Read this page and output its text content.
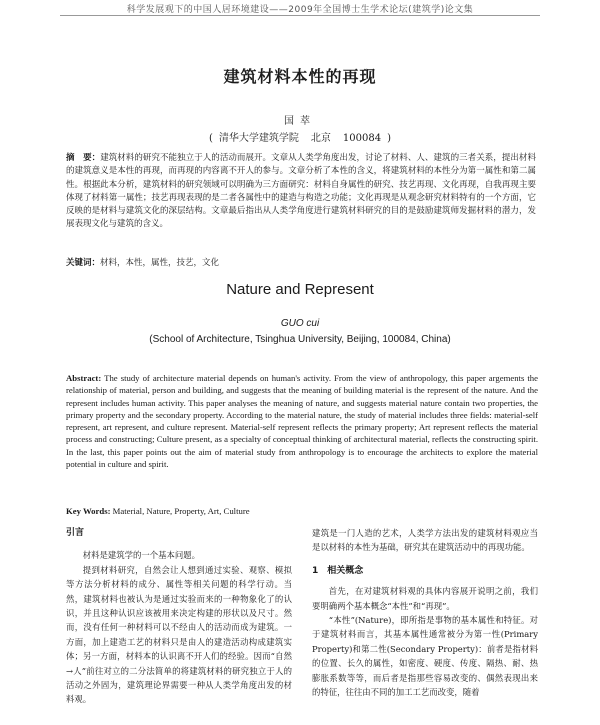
科学发展观下的中国人居环境建设——2009年全国博士生学术论坛(建筑学)论文集
建筑材料本性的再现
国萃
( 清华大学建筑学院 北京 100084 )
摘　要：建筑材料的研究不能独立于人的活动而展开。文章从人类学角度出发，讨论了材料、人、建筑的三者关系，提出材料的建筑意义是本性的再现，而再现的内容离不开人的参与。文章分析了本性的含义，将建筑材料的本性分为第一属性和第二属性。根据此本分析，建筑材料的研究领域可以明确为三方面研究：材料自身属性的研究、技艺再现、文化再现，自我再现主要体现了材料第一属性；技艺再现表现的是二者各属性中的建造与构造之功能；文化再现是从观念研究材料特有的一个方面，它反映的是材料与建筑文化的深层结构。文章最后指出从人类学角度进行建筑材料研究的目的是鼓励建筑师发掘材料的潜力，发展表现文化与建筑的含义。
关键词：材料，本性，属性，技艺，文化
Nature and Represent
GUO cui
(School of Architecture, Tsinghua University, Beijing, 100084, China)
Abstract: The study of architecture material depends on human's activity. From the view of anthropology, this paper argements the relationship of material, person and building, and suggests that the meaning of building material is the represent of the nature. And the represent includes human activity. This paper analyses the meaning of nature, and suggests material nature contain two properties, the primary property and the secondary property. According to the material nature, the study of material includes three fields: material-self represent, art represent, and culture represent. Material-self represent reflects the primary property; Art represent reflects the material process and constructing; Culture present, as a specialty of conceptual thinking of architectural material, reflects the constructing spirit. In the last, this paper points out the aim of material study from anthropology is to encourage the architects to explore the material potential in culture and spirit.
Key Words: Material, Nature, Property, Art, Culture

引言

材料是建筑学的一个基本问题。

提到材料研究，自然会让人想到通过实验、观察、模拟等方法分析材料的成分、属性等相关问题的科学行动。当然，建筑材料也被认为是通过实验而来的一种物象化了的认识，并且这种认识应该被用来决定构建的形状以及尺寸。然而，没有任何一种材料可以不经由人的活动而成为建筑。一方面，加上建造工艺的材料只是由人的建造活动构成建筑实体；另一方面，材料本的认识离不开人们的经验。因而“自然→人”前往对立的二分法简单的将建筑材料的研究独立于人的活动之外固为，建筑理论界需要一种从人类学角度出发的材料观。

建筑是一门人造的艺术，人类学方法出发的建筑材料观应当是以材料的本性为基础，研究其在建筑活动中的再现功能。

1　相关概念

首先，在对建筑材料观的具体内容展开说明之前，我们要明确两个基本概念“本性”和“再现”。

“本性”(Nature)，即所指是事物的基本属性和特征。对于建筑材料而言，其基本属性通常被分为第一性(Primary Property)和第二性(Secondary Property)：前者是指材料的位置、长久的属性，如密度、硬度、传度、隔热、耐、热膨胀系数等等，而后者是指那些容易改变的、偶然表现出来的特征，往往由不同的加工工艺而改变，随着
